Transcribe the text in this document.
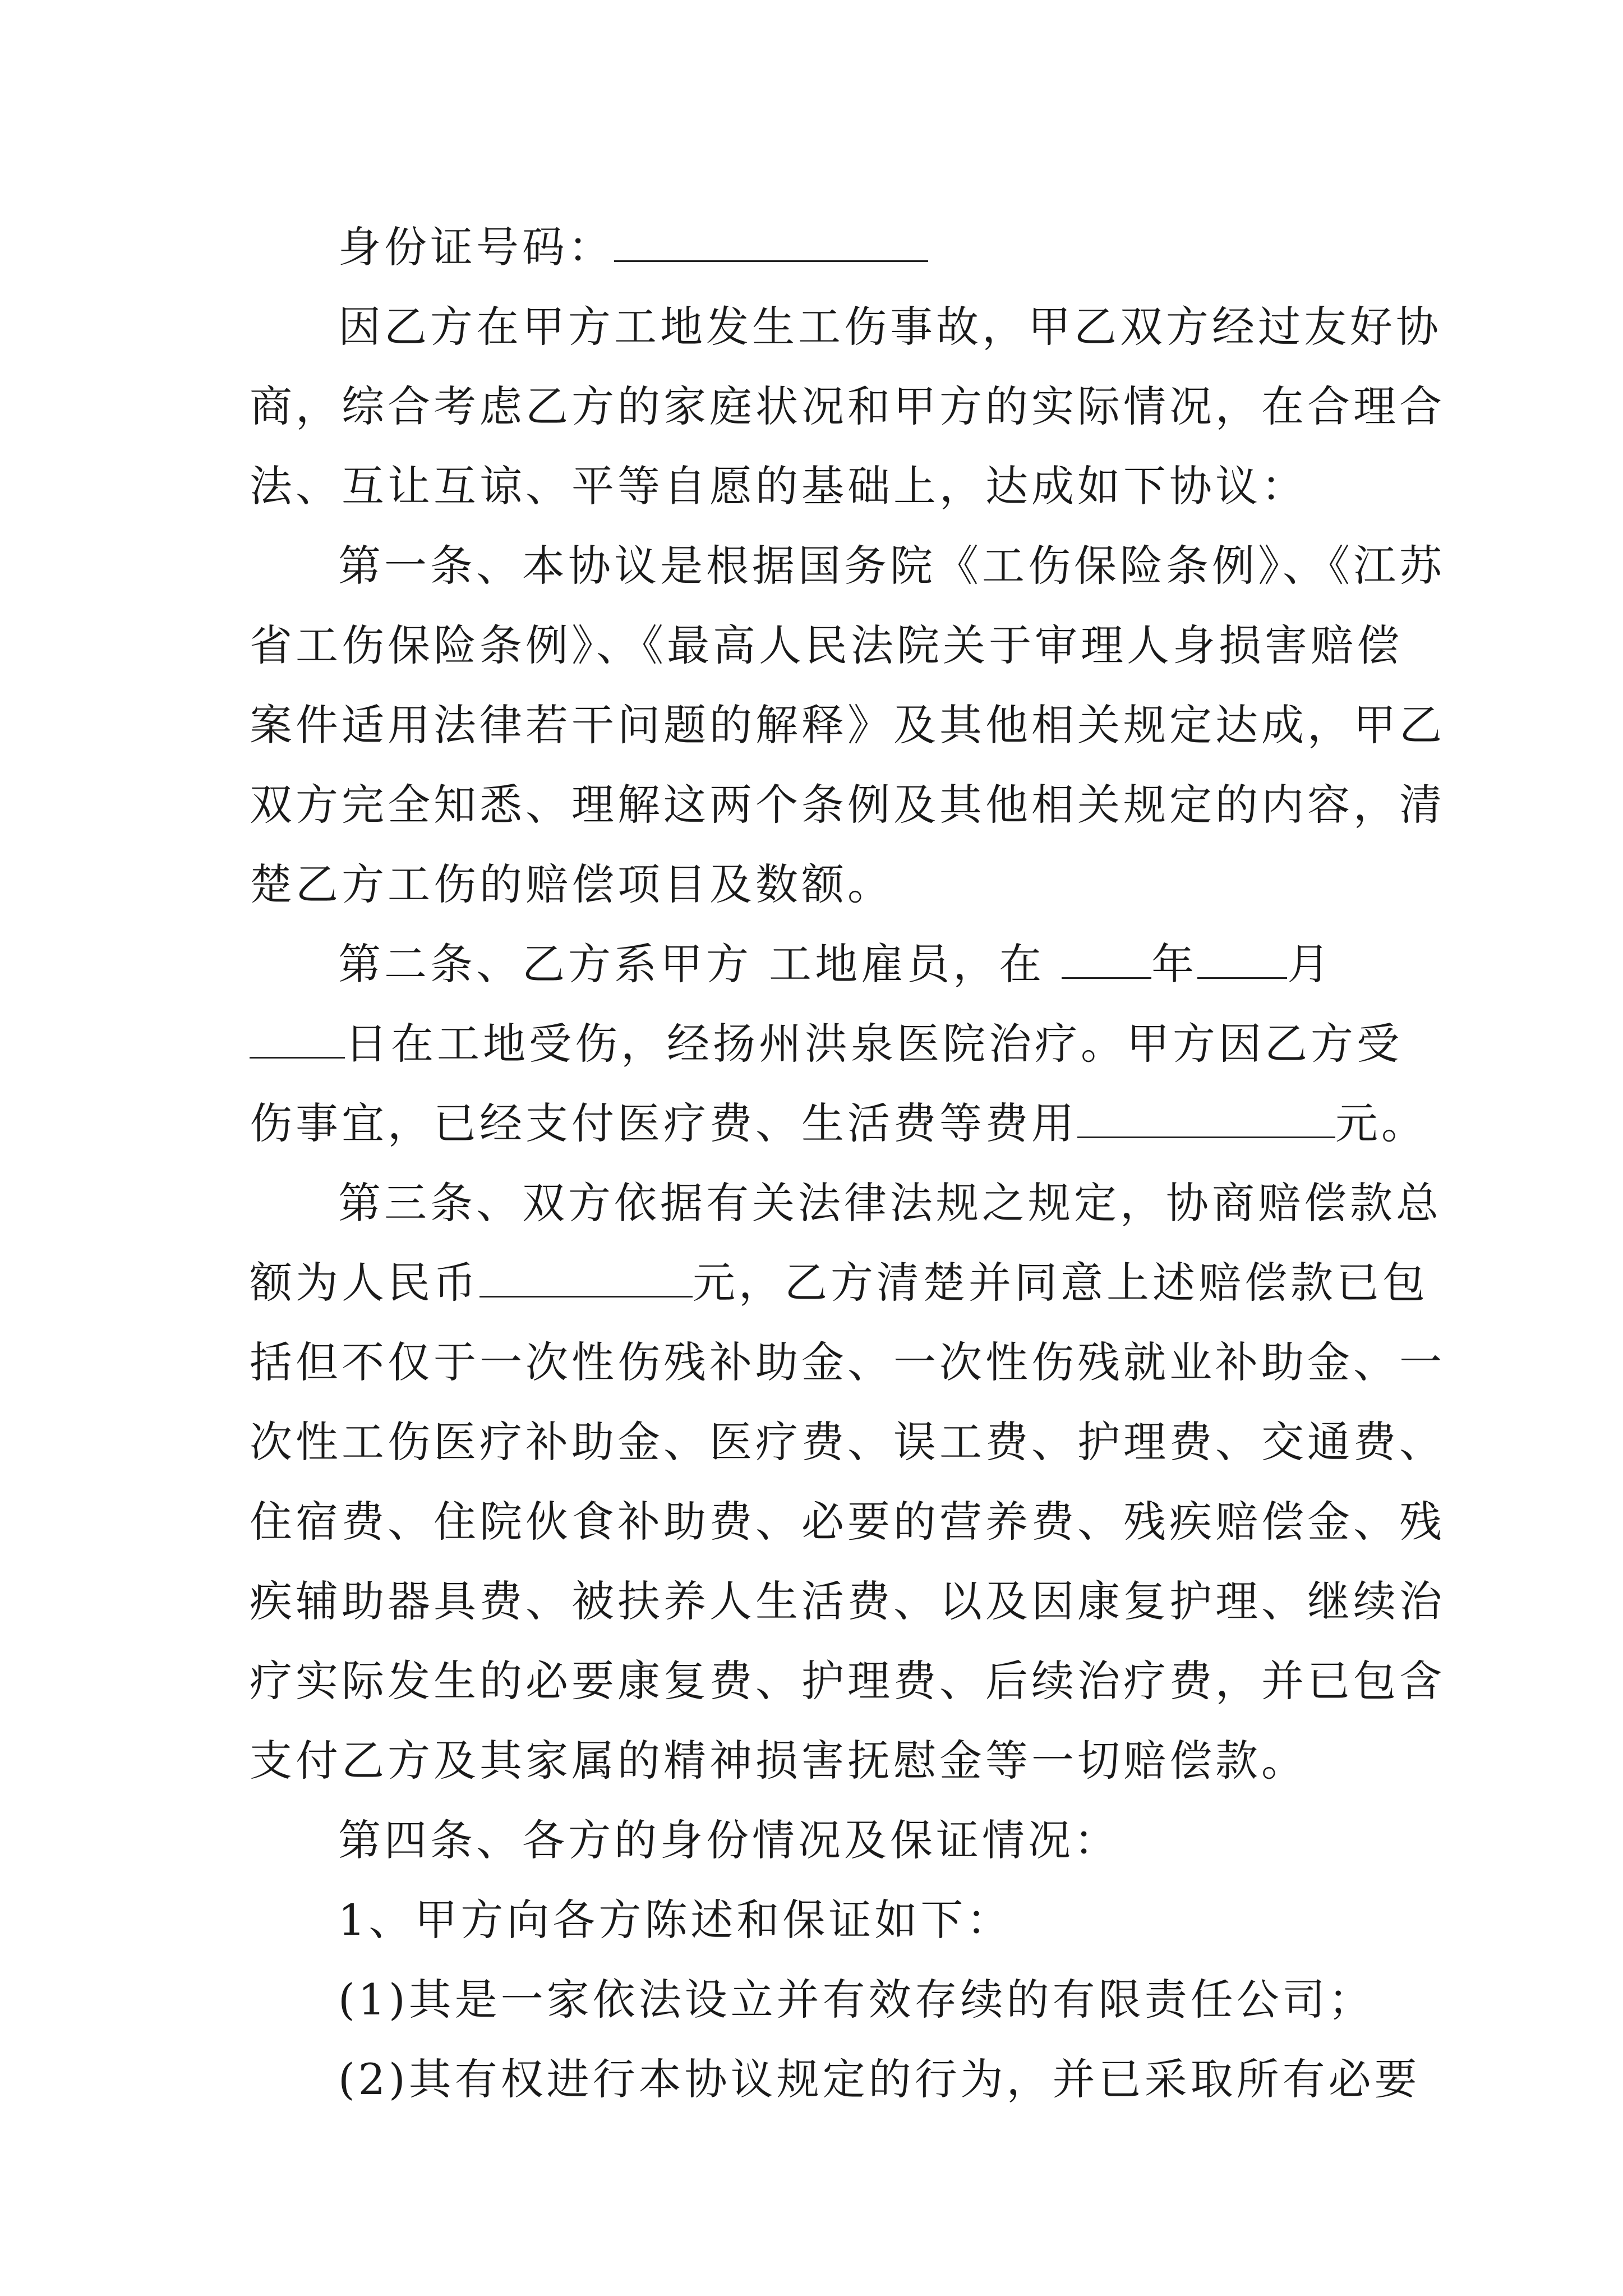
身份证号码：
因乙方在甲方工地发生工伤事故，甲乙双方经过友好协
商，综合考虑乙方的家庭状况和甲方的实际情况，在合理合
法、互让互谅、平等自愿的基础上，达成如下协议：
第一条、本协议是根据国务院《工伤保险条例》、《江苏
省工伤保险条例》、《最高人民法院关于审理人身损害赔偿
案件适用法律若干问题的解释》及其他相关规定达成，甲乙
双方完全知悉、理解这两个条例及其他相关规定的内容，清
楚乙方工伤的赔偿项目及数额。
第二条、乙方系甲方 工地雇员，在	年 月
日在工地受伤，经扬州洪泉医院治疗。甲方因乙方受
伤事宜，已经支付医疗费、生活费等费用	元。
第三条、双方依据有关法律法规之规定，协商赔偿款总
额为人民币	元，乙方清楚并同意上述赔偿款已包
括但不仅于一次性伤残补助金、一次性伤残就业补助金、一
次性工伤医疗补助金、医疗费、误工费、护理费、交通费、
住宿费、住院伙食补助费、必要的营养费、残疾赔偿金、残
疾辅助器具费、被扶养人生活费、以及因康复护理、继续治
疗实际发生的必要康复费、护理费、后续治疗费，并已包含
支付乙方及其家属的精神损害抚慰金等一切赔偿款。
第四条、各方的身份情况及保证情况：
1、甲方向各方陈述和保证如下：
(1)其是一家依法设立并有效存续的有限责任公司；
(2)其有权进行本协议规定的行为，并已采取所有必要
